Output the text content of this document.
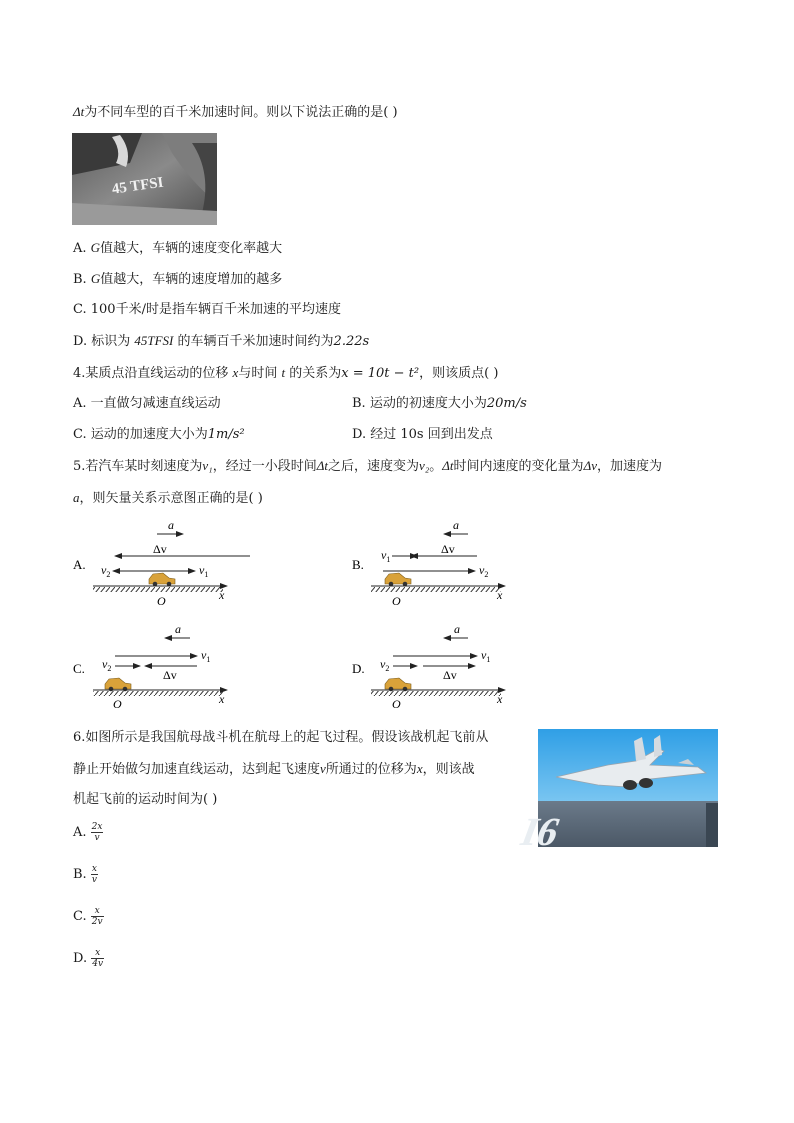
Δt为不同车型的百千米加速时间。则以下说法正确的是( )
45 TFSI
A. G值越大，车辆的速度变化率越大
B. G值越大，车辆的速度增加的越多
C. 100千米/时是指车辆百千米加速的平均速度
D. 标识为 45TFSI 的车辆百千米加速时间约为2.22s
4.某质点沿直线运动的位移 x与时间 t 的关系为x = 10t − t²，则该质点( )
A. 一直做匀减速直线运动	B. 运动的初速度大小为20m/s
C. 运动的加速度大小为1m/s²	D. 经过 10s 回到出发点
5.若汽车某时刻速度为v₁，经过一小段时间Δt之后，速度变为v₂。Δt时间内速度的变化量为Δv，加速度为
a，则矢量关系示意图正确的是( )
A.
a
Δv
$v_2$	$v_1$
x
O
B.
a
Δv
$v_1$
$v_2$
x
O
C.
a
$v_1$
$v_2$	Δv
x
O
D.
a
$v_1$
$v_2$	Δv
x
O
6.如图所示是我国航母战斗机在航母上的起飞过程。假设该战机起飞前从
静止开始做匀加速直线运动，达到起飞速度v所通过的位移为x，则该战
机起飞前的运动时间为( )
I6
A. $\frac{2x}{v}$
B. $\frac{x}{v}$
C. $\frac{x}{2v}$
D. $\frac{x}{4v}$
